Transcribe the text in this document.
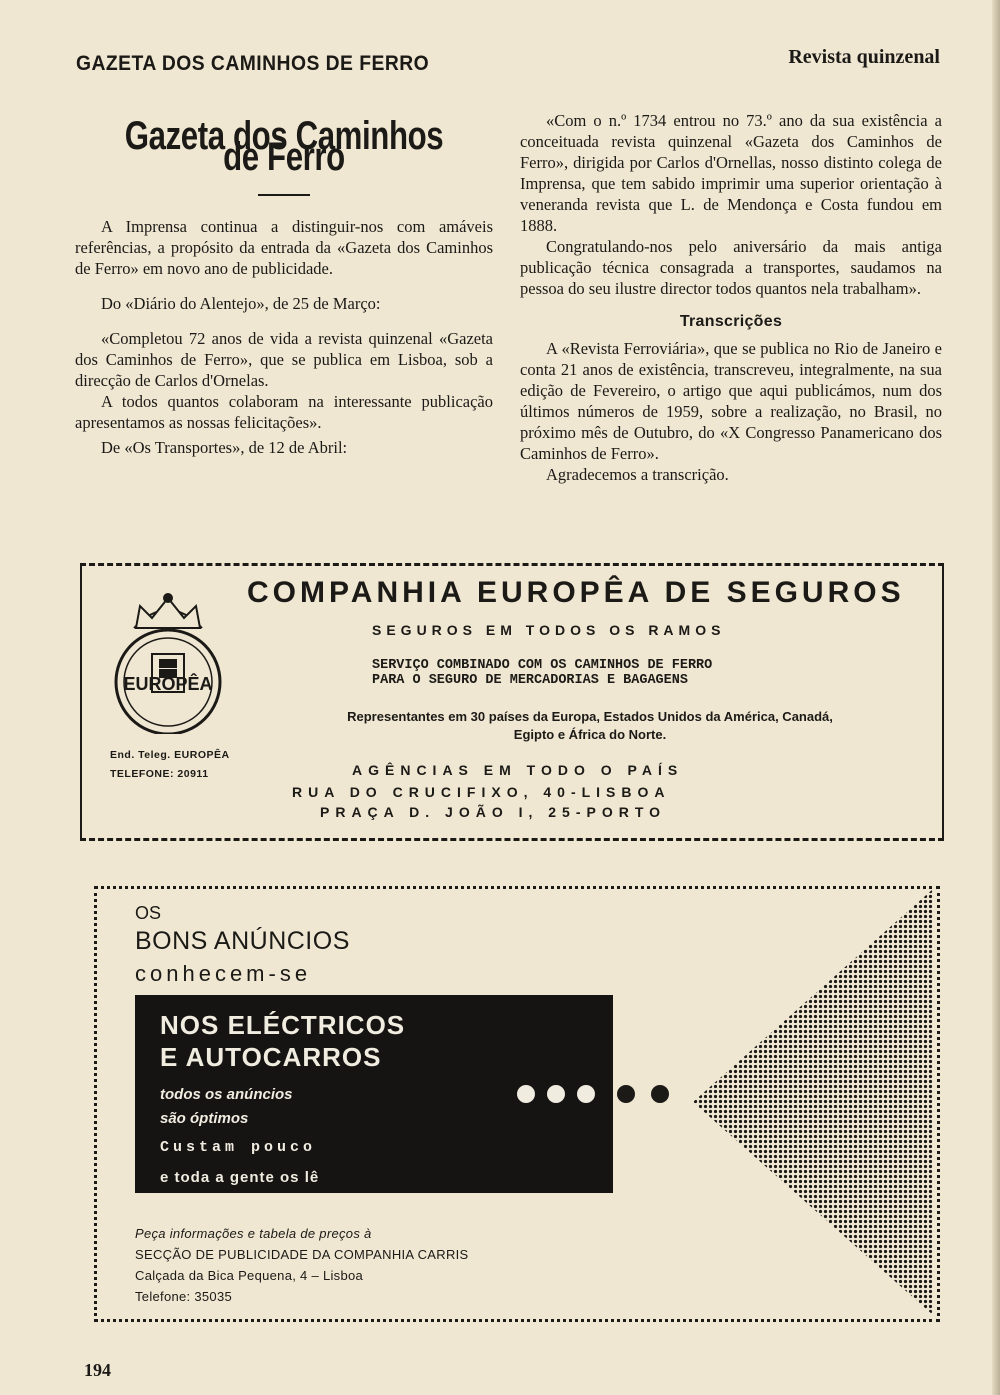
GAZETA DOS CAMINHOS DE FERRO	Revista quinzenal
Gazeta dos Caminhos de Ferro

A Imprensa continua a distinguir-nos com amáveis referências, a propósito da entrada da «Gazeta dos Caminhos de Ferro» em novo ano de publicidade.

Do «Diário do Alentejo», de 25 de Março:

«Completou 72 anos de vida a revista quinzenal «Gazeta dos Caminhos de Ferro», que se publica em Lisboa, sob a direcção de Carlos d'Ornelas.

A todos quantos colaboram na interessante publicação apresentamos as nossas felicitações».

De «Os Transportes», de 12 de Abril:

«Com o n.º 1734 entrou no 73.º ano da sua existência a conceituada revista quinzenal «Gazeta dos Caminhos de Ferro», dirigida por Carlos d'Ornellas, nosso distinto colega de Imprensa, que tem sabido imprimir uma superior orientação à veneranda revista que L. de Mendonça e Costa fundou em 1888.

Congratulando-nos pelo aniversário da mais antiga publicação técnica consagrada a transportes, saudamos na pessoa do seu ilustre director todos quantos nela trabalham».

Transcrições

A «Revista Ferroviária», que se publica no Rio de Janeiro e conta 21 anos de existência, transcreveu, integralmente, na sua edição de Fevereiro, o artigo que aqui publicámos, num dos últimos números de 1959, sobre a realização, no Brasil, no próximo mês de Outubro, do «X Congresso Panamericano dos Caminhos de Ferro».

Agradecemos a transcrição.

EUROPÊA
COMPANHIA EUROPÊA DE SEGUROS
SEGUROS EM TODOS OS RAMOS
SERVIÇO COMBINADO COM OS CAMINHOS DE FERRO
PARA O SEGURO DE MERCADORIAS E BAGAGENS
Representantes em 30 países da Europa, Estados Unidos da América, Canadá,
Egipto e África do Norte.
End. Teleg. EUROPÊA
TELEFONE: 20911	AGÊNCIAS EM TODO O PAÍS
RUA DO CRUCIFIXO, 40-LISBOA
PRAÇA D. JOÃO I, 25-PORTO
OS
BONS ANÚNCIOS
conhecem-se
NOS ELÉCTRICOS
E AUTOCARROS
todos os anúncios
são óptimos
Custam pouco
e toda a gente os lê
Peça informações e tabela de preços à
SECÇÃO DE PUBLICIDADE DA COMPANHIA CARRIS
Calçada da Bica Pequena, 4 – Lisboa
Telefone: 35035
194
